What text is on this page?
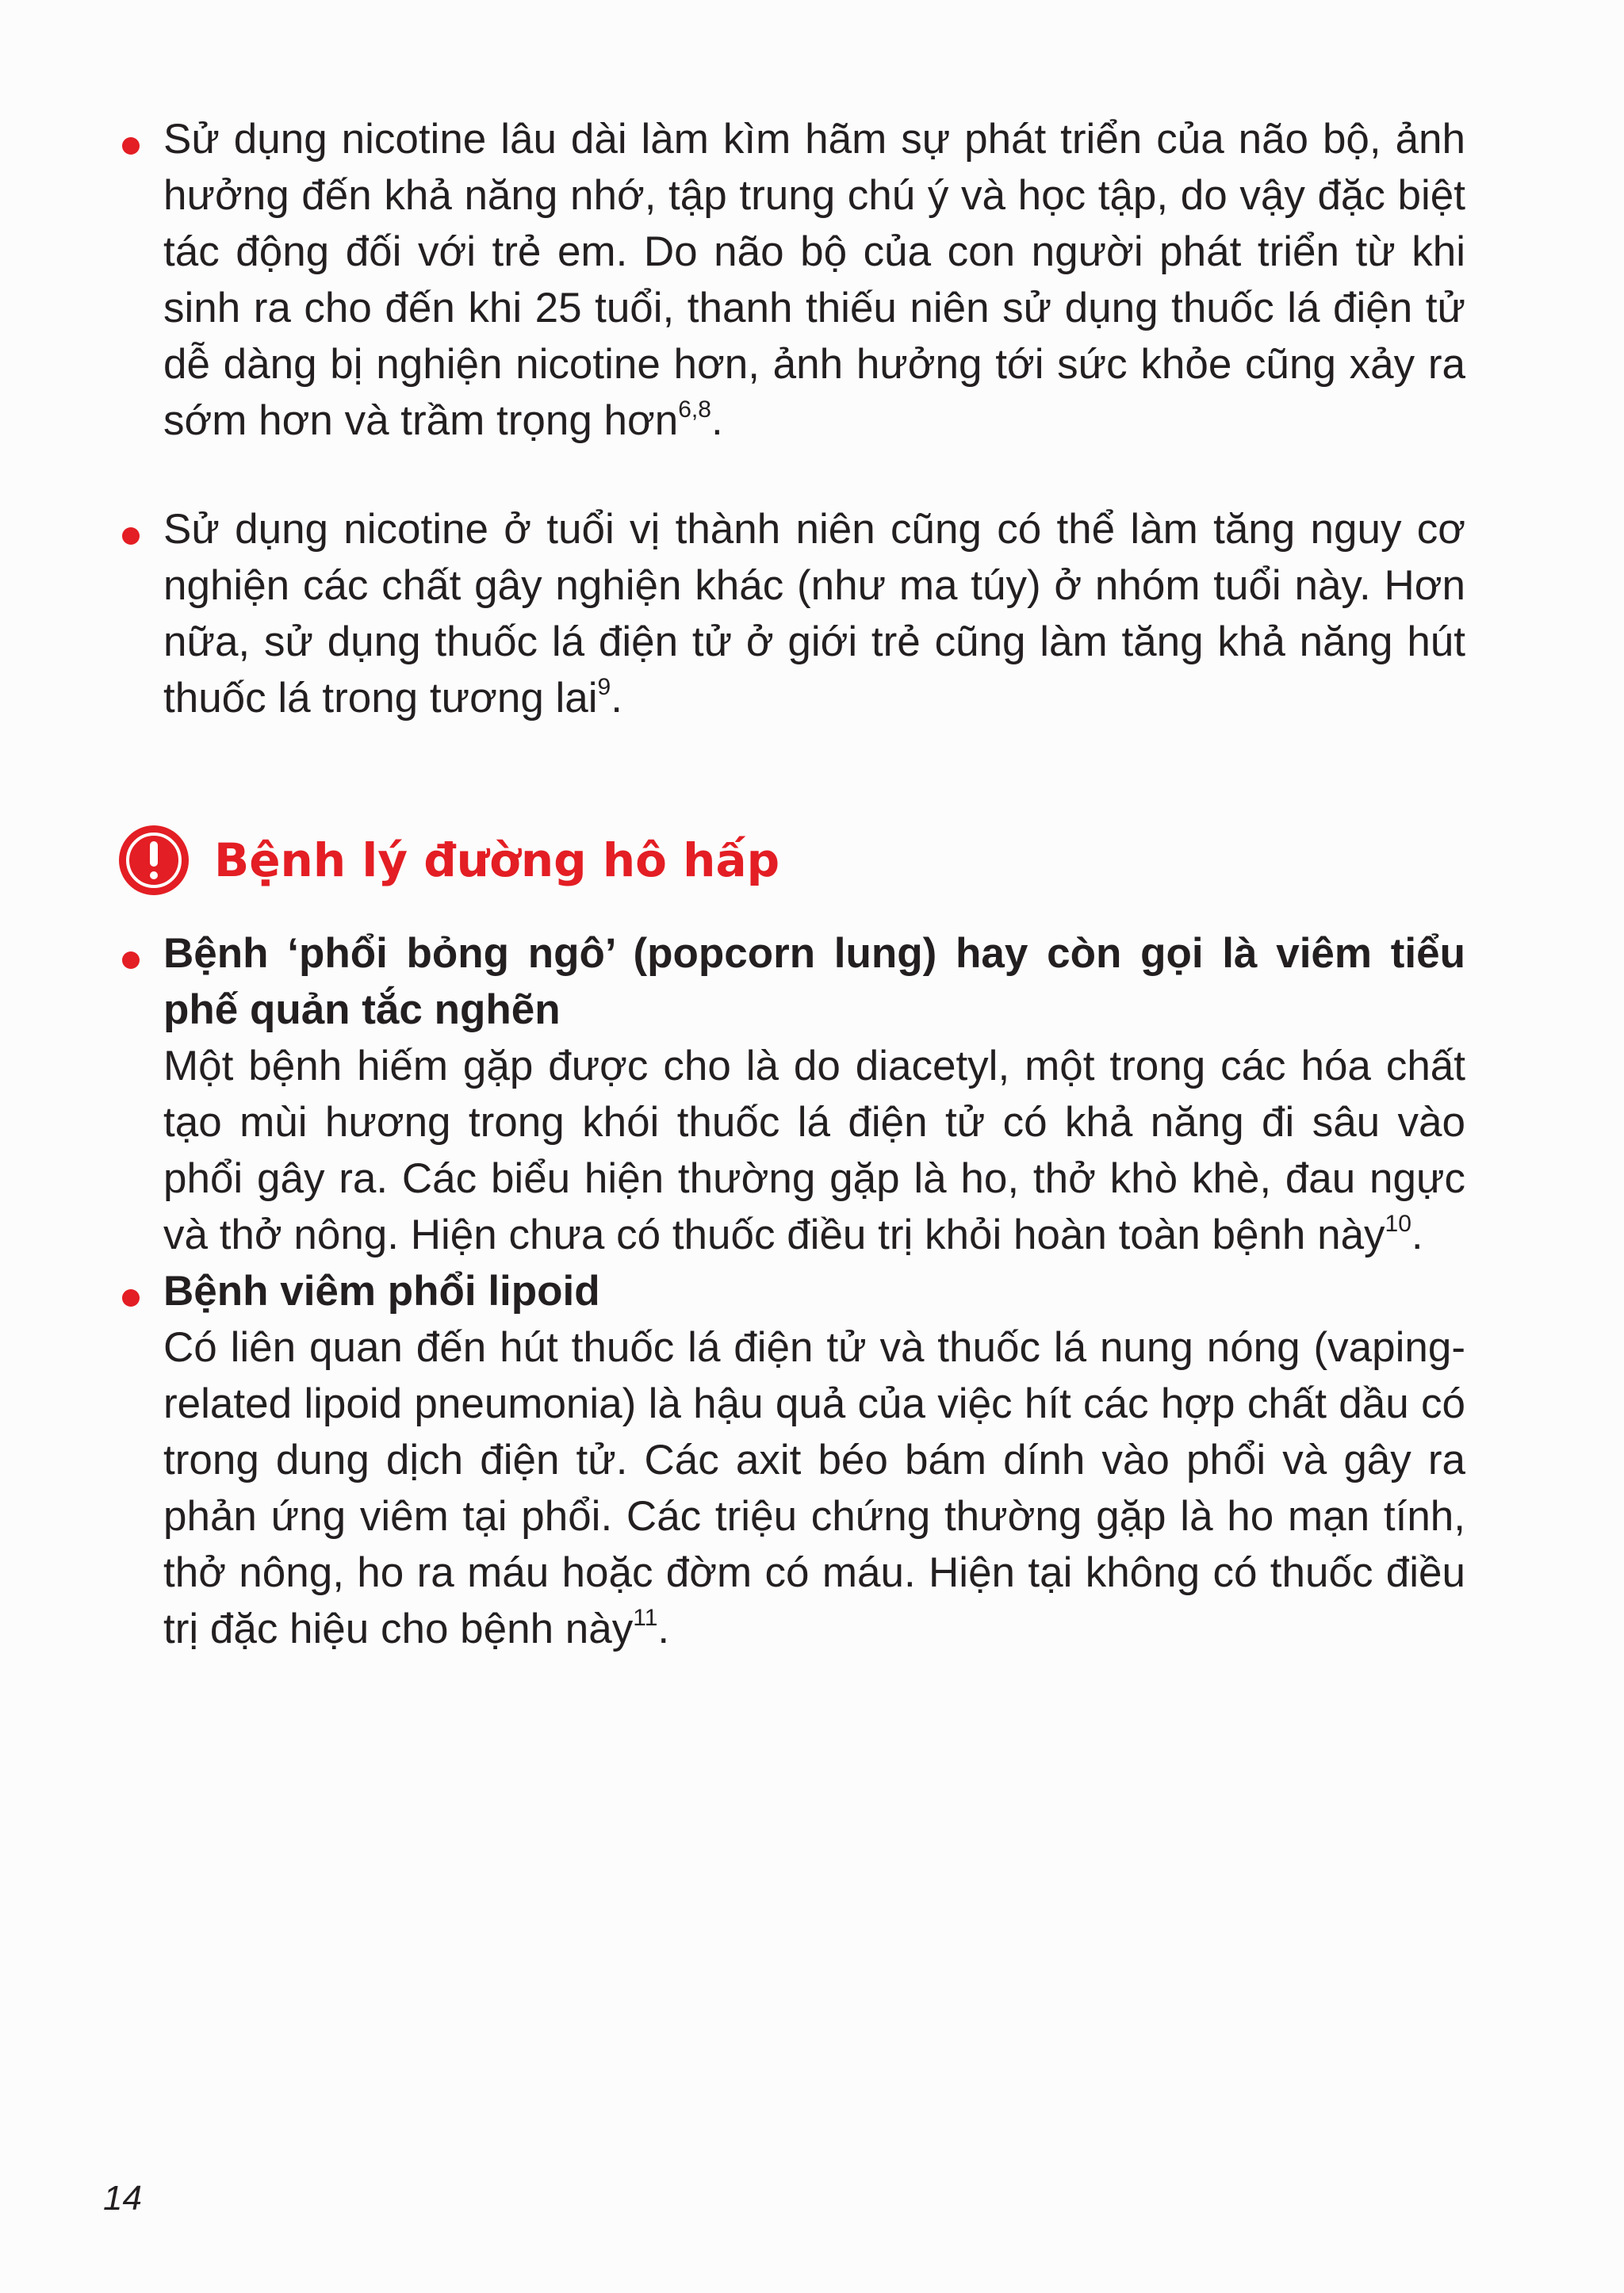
Sử dụng nicotine lâu dài làm kìm hãm sự phát triển của não bộ, ảnh hưởng đến khả năng nhớ, tập trung chú ý và học tập, do vậy đặc biệt tác động đối với trẻ em. Do não bộ của con người phát triển từ khi sinh ra cho đến khi 25 tuổi, thanh thiếu niên sử dụng thuốc lá điện tử dễ dàng bị nghiện nicotine hơn, ảnh hưởng tới sức khỏe cũng xảy ra sớm hơn và trầm trọng hơn$^{6,8}$.

Sử dụng nicotine ở tuổi vị thành niên cũng có thể làm tăng nguy cơ nghiện các chất gây nghiện khác (như ma túy) ở nhóm tuổi này. Hơn nữa, sử dụng thuốc lá điện tử ở giới trẻ cũng làm tăng khả năng hút thuốc lá trong tương lai$^9$.

Bệnh lý đường hô hấp

Bệnh ‘phổi bỏng ngô’ (popcorn lung) hay còn gọi là viêm tiểu phế quản tắc nghẽn

Một bệnh hiếm gặp được cho là do diacetyl, một trong các hóa chất tạo mùi hương trong khói thuốc lá điện tử có khả năng đi sâu vào phổi gây ra. Các biểu hiện thường gặp là ho, thở khò khè, đau ngực và thở nông. Hiện chưa có thuốc điều trị khỏi hoàn toàn bệnh này$^{10}$.

Bệnh viêm phổi lipoid

Có liên quan đến hút thuốc lá điện tử và thuốc lá nung nóng (vaping-related lipoid pneumonia) là hậu quả của việc hít các hợp chất dầu có trong dung dịch điện tử. Các axit béo bám dính vào phổi và gây ra phản ứng viêm tại phổi. Các triệu chứng thường gặp là ho mạn tính, thở nông, ho ra máu hoặc đờm có máu. Hiện tại không có thuốc điều trị đặc hiệu cho bệnh này$^{11}$.

14
